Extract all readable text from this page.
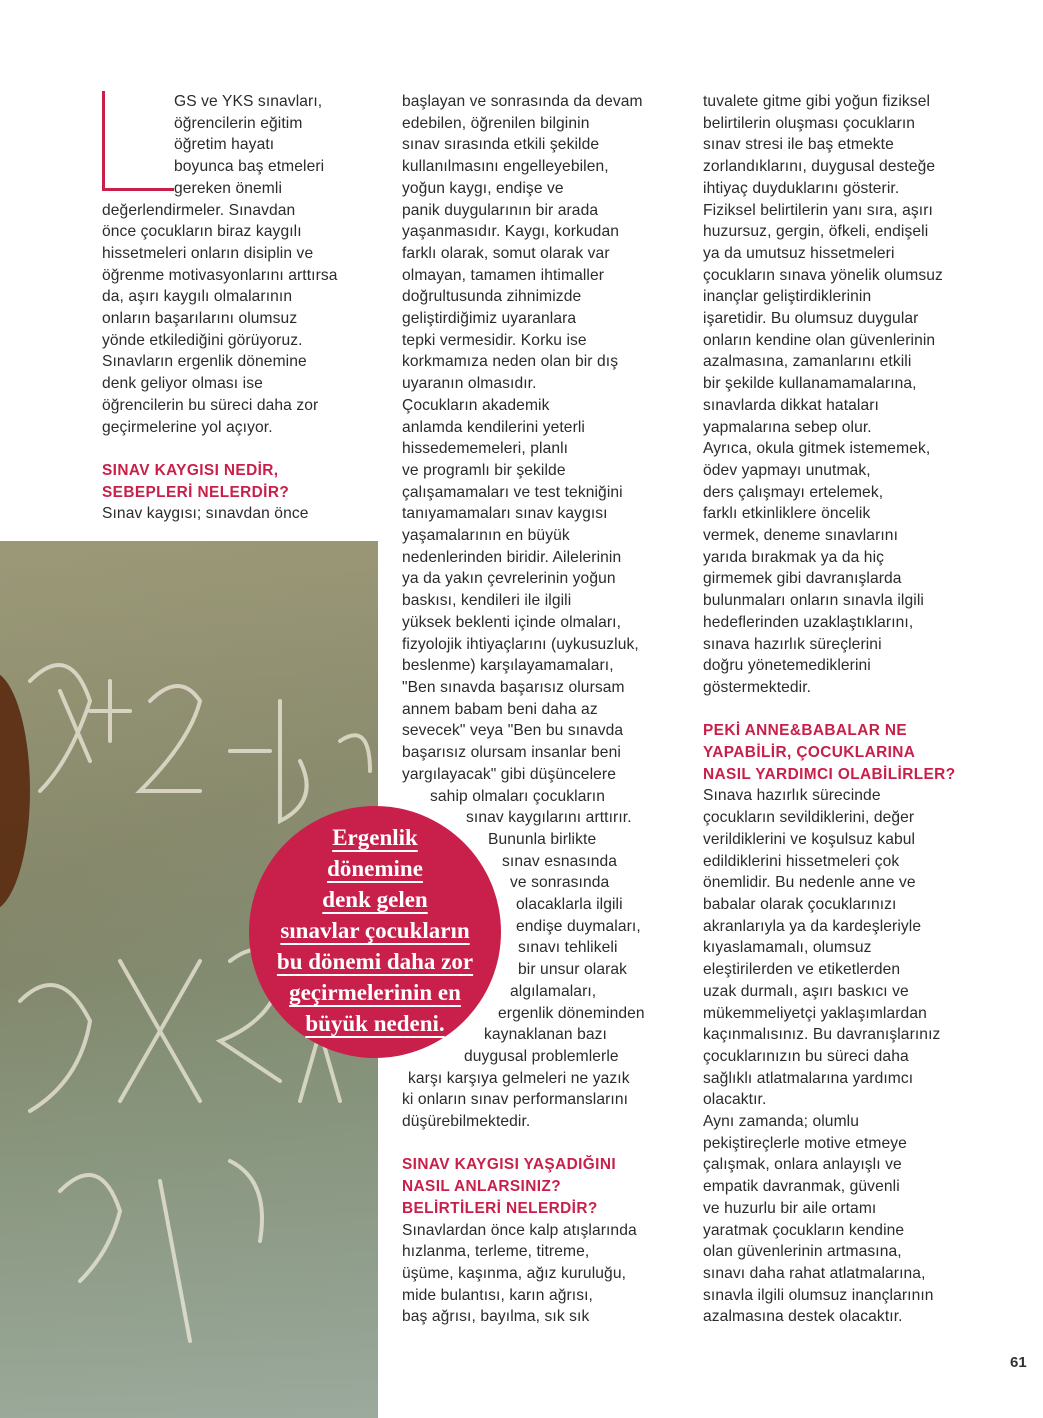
GS ve YKS sınavları,
öğrencilerin eğitim
öğretim hayatı
boyunca baş etmeleri
gereken önemli
değerlendirmeler. Sınavdan
önce çocukların biraz kaygılı
hissetmeleri onların disiplin ve
öğrenme motivasyonlarını arttırsa
da, aşırı kaygılı olmalarının
onların başarılarını olumsuz
yönde etkilediğini görüyoruz.
Sınavların ergenlik dönemine
denk geliyor olması ise
öğrencilerin bu süreci daha zor
geçirmelerine yol açıyor.
SINAV KAYGISI NEDİR,
SEBEPLERİ NELERDİR?
Sınav kaygısı; sınavdan önce
başlayan ve sonrasında da devam
edebilen, öğrenilen bilginin
sınav sırasında etkili şekilde
kullanılmasını engelleyebilen,
yoğun kaygı, endişe ve
panik duygularının bir arada
yaşanmasıdır. Kaygı, korkudan
farklı olarak, somut olarak var
olmayan, tamamen ihtimaller
doğrultusunda zihnimizde
geliştirdiğimiz uyaranlara
tepki vermesidir. Korku ise
korkmamıza neden olan bir dış
uyaranın olmasıdır.
Çocukların akademik
anlamda kendilerini yeterli
hissedememeleri, planlı
ve programlı bir şekilde
çalışamamaları ve test tekniğini
tanıyamamaları sınav kaygısı
yaşamalarının en büyük
nedenlerinden biridir. Ailelerinin
ya da yakın çevrelerinin yoğun
baskısı, kendileri ile ilgili
yüksek beklenti içinde olmaları,
fizyolojik ihtiyaçlarını (uykusuzluk,
beslenme) karşılayamamaları,
"Ben sınavda başarısız olursam
annem babam beni daha az
sevecek" veya "Ben bu sınavda
başarısız olursam insanlar beni
yargılayacak" gibi düşüncelere
sahip olmaları çocukların
sınav kaygılarını arttırır.
Bununla birlikte
sınav esnasında
ve sonrasında
olacaklarla ilgili
endişe duymaları,
sınavı tehlikeli
bir unsur olarak
algılamaları,
ergenlik döneminden
kaynaklanan bazı
duygusal problemlerle
karşı karşıya gelmeleri ne yazık
ki onların sınav performanslarını
düşürebilmektedir.
SINAV KAYGISI YAŞADIĞINI
NASIL ANLARSINIZ?
BELİRTİLERİ NELERDİR?
Sınavlardan önce kalp atışlarında
hızlanma, terleme, titreme,
üşüme, kaşınma, ağız kuruluğu,
mide bulantısı, karın ağrısı,
baş ağrısı, bayılma, sık sık
tuvalete gitme gibi yoğun fiziksel
belirtilerin oluşması çocukların
sınav stresi ile baş etmekte
zorlandıklarını, duygusal desteğe
ihtiyaç duyduklarını gösterir.
Fiziksel belirtilerin yanı sıra, aşırı
huzursuz, gergin, öfkeli, endişeli
ya da umutsuz hissetmeleri
çocukların sınava yönelik olumsuz
inançlar geliştirdiklerinin
işaretidir. Bu olumsuz duygular
onların kendine olan güvenlerinin
azalmasına, zamanlarını etkili
bir şekilde kullanamamalarına,
sınavlarda dikkat hataları
yapmalarına sebep olur.
Ayrıca, okula gitmek istememek,
ödev yapmayı unutmak,
ders çalışmayı ertelemek,
farklı etkinliklere öncelik
vermek, deneme sınavlarını
yarıda bırakmak ya da hiç
girmemek gibi davranışlarda
bulunmaları onların sınavla ilgili
hedeflerinden uzaklaştıklarını,
sınava hazırlık süreçlerini
doğru yönetemediklerini
göstermektedir.
PEKİ ANNE&BABALAR NE
YAPABİLİR, ÇOCUKLARINA
NASIL YARDIMCI OLABİLİRLER?
Sınava hazırlık sürecinde
çocukların sevildiklerini, değer
verildiklerini ve koşulsuz kabul
edildiklerini hissetmeleri çok
önemlidir. Bu nedenle anne ve
babalar olarak çocuklarınızı
akranlarıyla ya da kardeşleriyle
kıyaslamamalı, olumsuz
eleştirilerden ve etiketlerden
uzak durmalı, aşırı baskıcı ve
mükemmeliyetçi yaklaşımlardan
kaçınmalısınız. Bu davranışlarınız
çocuklarınızın bu süreci daha
sağlıklı atlatmalarına yardımcı
olacaktır.
Aynı zamanda; olumlu
pekiştireçlerle motive etmeye
çalışmak, onlara anlayışlı ve
empatik davranmak, güvenli
ve huzurlu bir aile ortamı
yaratmak çocukların kendine
olan güvenlerinin artmasına,
sınavı daha rahat atlatmalarına,
sınavla ilgili olumsuz inançlarının
azalmasına destek olacaktır.
Ergenlik
dönemine
denk gelen
sınavlar çocukların
bu dönemi daha zor
geçirmelerinin en
büyük nedeni.
61
